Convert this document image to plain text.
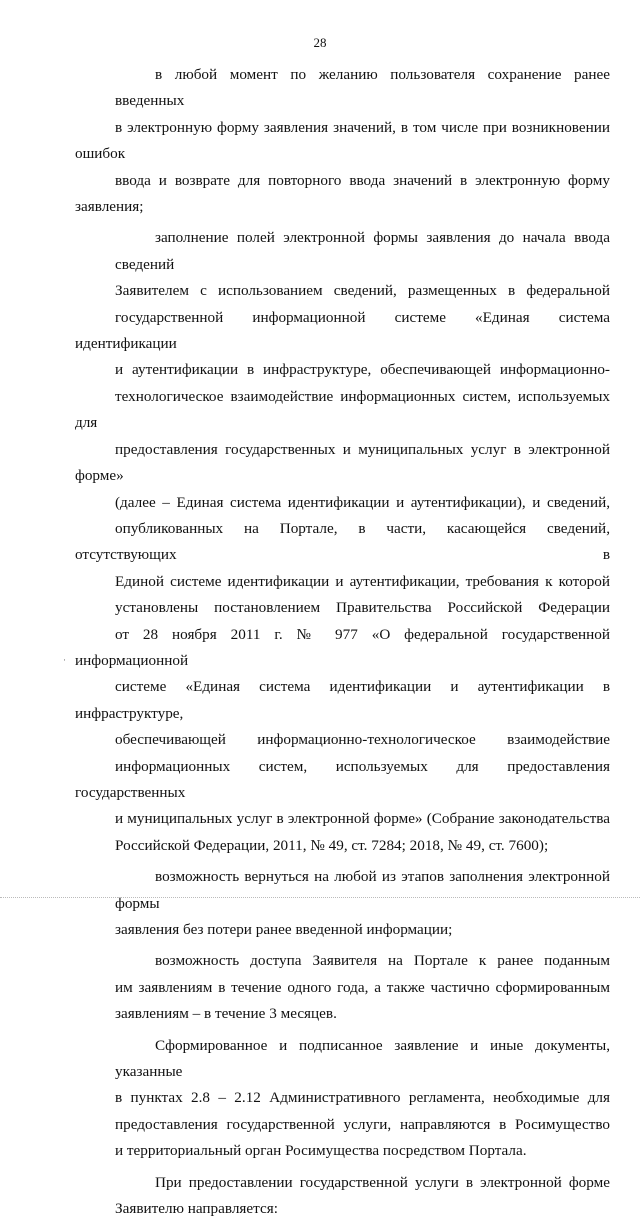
28
в любой момент по желанию пользователя сохранение ранее введенных
в электронную форму заявления значений, в том числе при возникновении ошибок
ввода и возврате для повторного ввода значений в электронную форму заявления;
заполнение полей электронной формы заявления до начала ввода сведений
Заявителем с использованием сведений, размещенных в федеральной
государственной информационной системе «Единая система идентификации
и аутентификации в инфраструктуре, обеспечивающей информационно-
технологическое взаимодействие информационных систем, используемых для
предоставления государственных и муниципальных услуг в электронной форме»
(далее – Единая система идентификации и аутентификации), и сведений,
опубликованных на Портале, в части, касающейся сведений, отсутствующих в
Единой системе идентификации и аутентификации, требования к которой
установлены постановлением Правительства Российской Федерации
от 28 ноября 2011 г. № 977 «О федеральной государственной информационной
системе «Единая система идентификации и аутентификации в инфраструктуре,
обеспечивающей информационно-технологическое взаимодействие
информационных систем, используемых для предоставления государственных
и муниципальных услуг в электронной форме» (Собрание законодательства
Российской Федерации, 2011, № 49, ст. 7284; 2018, № 49, ст. 7600);
возможность вернуться на любой из этапов заполнения электронной формы
заявления без потери ранее введенной информации;
возможность доступа Заявителя на Портале к ранее поданным
им заявлениям в течение одного года, а также частично сформированным
заявлениям – в течение 3 месяцев.
Сформированное и подписанное заявление и иные документы, указанные
в пунктах 2.8 – 2.12 Административного регламента, необходимые для
предоставления государственной услуги, направляются в Росимущество
и территориальный орган Росимущества посредством Портала.
При предоставлении государственной услуги в электронной форме
Заявителю направляется:
·
